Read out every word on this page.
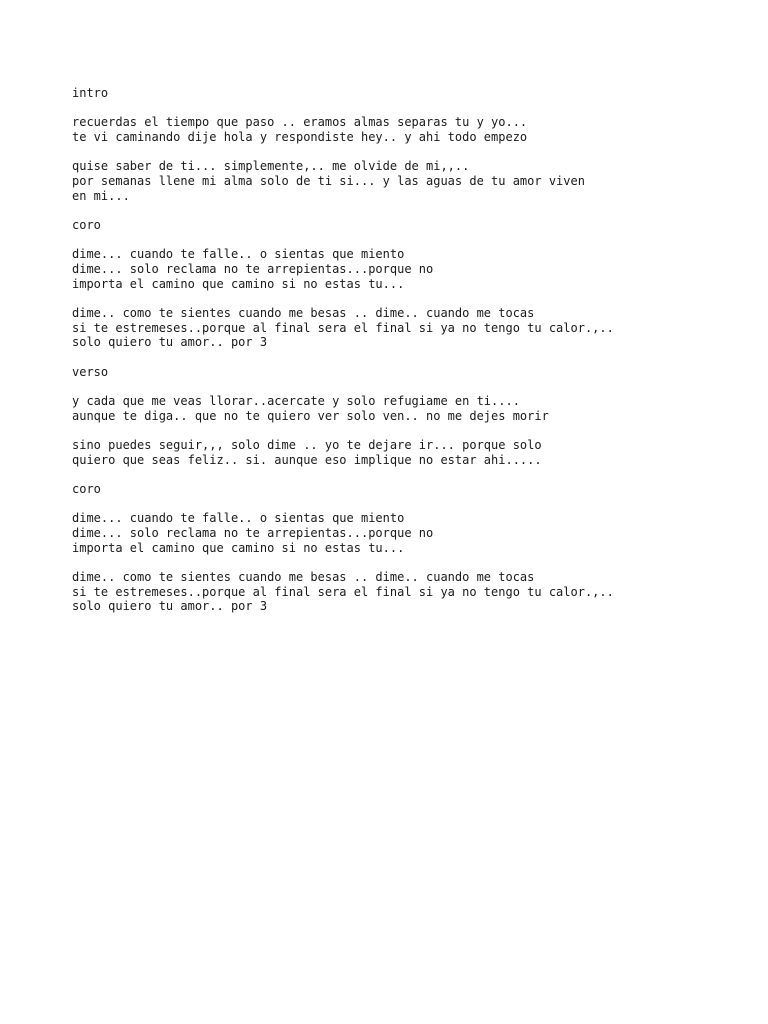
intro
recuerdas el tiempo que paso .. eramos almas separas tu y yo...
te vi caminando dije hola y respondiste hey.. y ahi todo empezo
quise saber de ti... simplemente,.. me olvide de mi,,..
por semanas llene mi alma solo de ti si... y las aguas de tu amor viven
en mi...
coro
dime... cuando te falle.. o sientas que miento
dime... solo reclama no te arrepientas...porque no
importa el camino que camino si no estas tu...
dime.. como te sientes cuando me besas .. dime.. cuando me tocas
si te estremeses..porque al final sera el final si ya no tengo tu calor.,..
solo quiero tu amor.. por 3
verso
y cada que me veas llorar..acercate y solo refugiame en ti....
aunque te diga.. que no te quiero ver solo ven.. no me dejes morir
sino puedes seguir,,, solo dime .. yo te dejare ir... porque solo
quiero que seas feliz.. si. aunque eso implique no estar ahi.....
coro
dime... cuando te falle.. o sientas que miento
dime... solo reclama no te arrepientas...porque no
importa el camino que camino si no estas tu...
dime.. como te sientes cuando me besas .. dime.. cuando me tocas
si te estremeses..porque al final sera el final si ya no tengo tu calor.,..
solo quiero tu amor.. por 3
